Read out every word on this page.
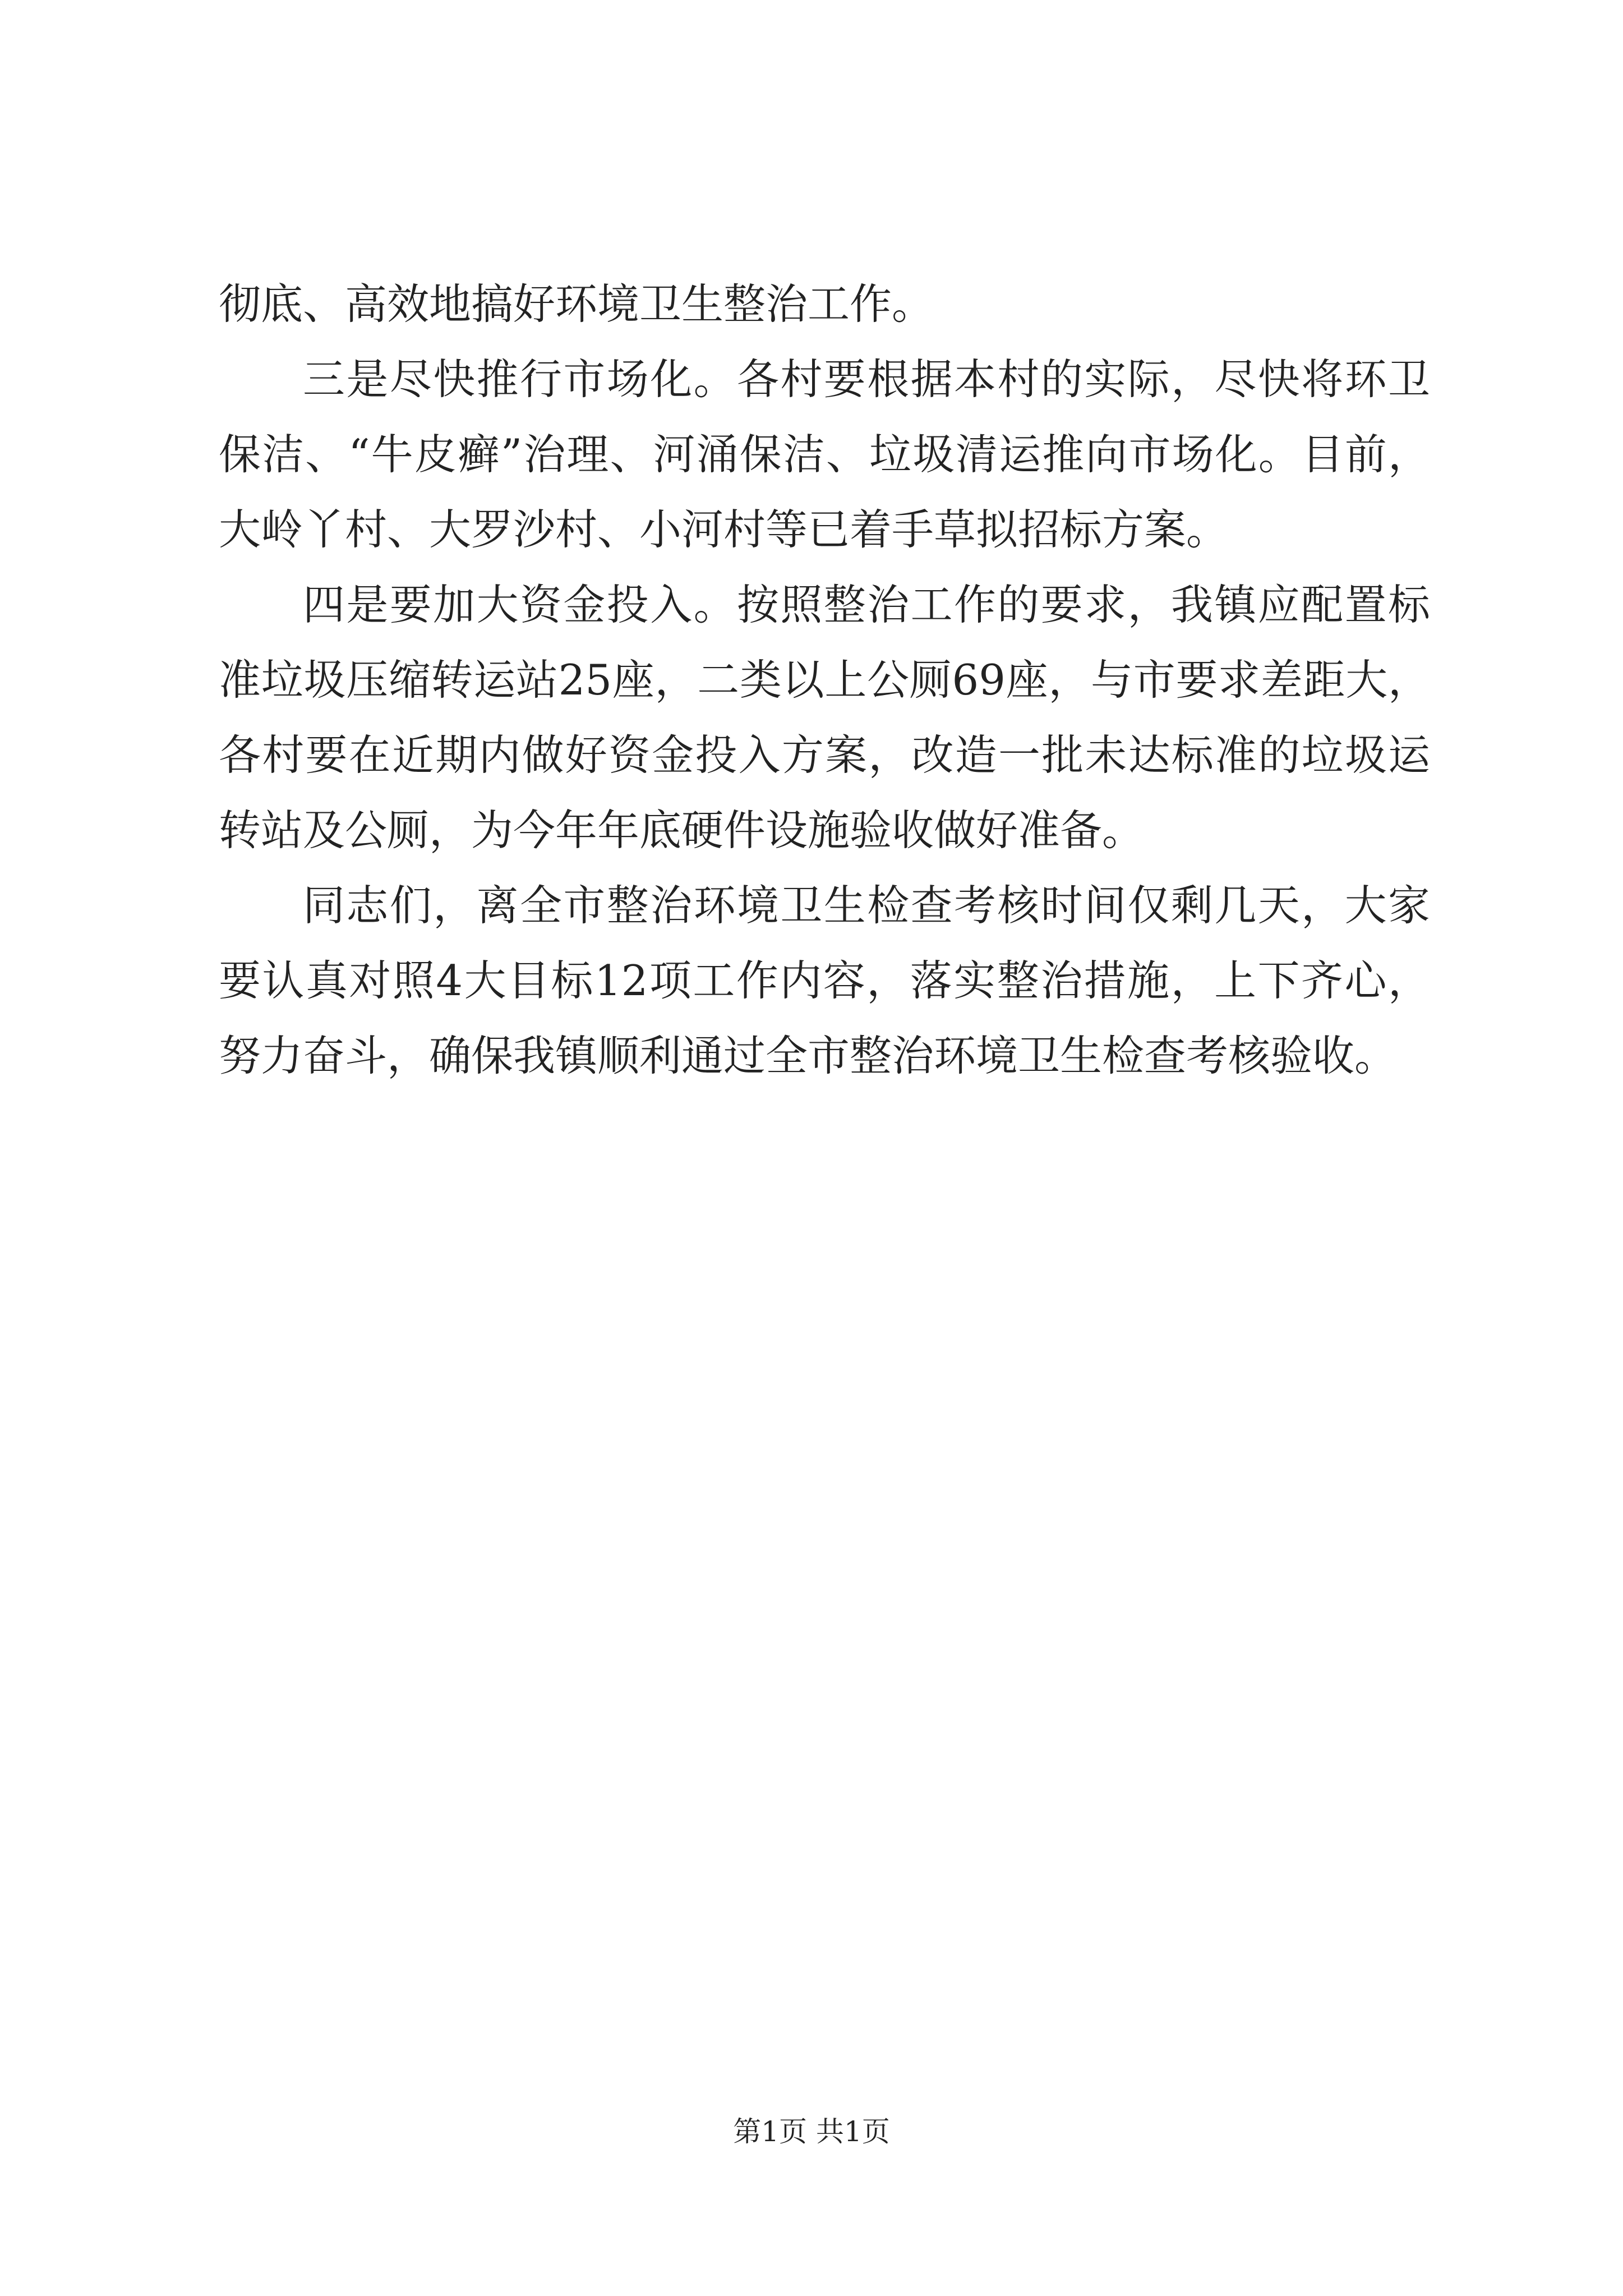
彻底、高效地搞好环境卫生整治工作。
三是尽快推行市场化。各村要根据本村的实际，尽快将环卫
保洁、“牛皮癣”治理、河涌保洁、垃圾清运推向市场化。目前，
大岭丫村、大罗沙村、小河村等已着手草拟招标方案。
四是要加大资金投入。按照整治工作的要求，我镇应配置标
准垃圾压缩转运站25座，二类以上公厕69座，与市要求差距大，
各村要在近期内做好资金投入方案，改造一批未达标准的垃圾运
转站及公厕，为今年年底硬件设施验收做好准备。
同志们，离全市整治环境卫生检查考核时间仅剩几天，大家
要认真对照4大目标12项工作内容，落实整治措施，上下齐心，
努力奋斗，确保我镇顺利通过全市整治环境卫生检查考核验收。
第1页 共1页
